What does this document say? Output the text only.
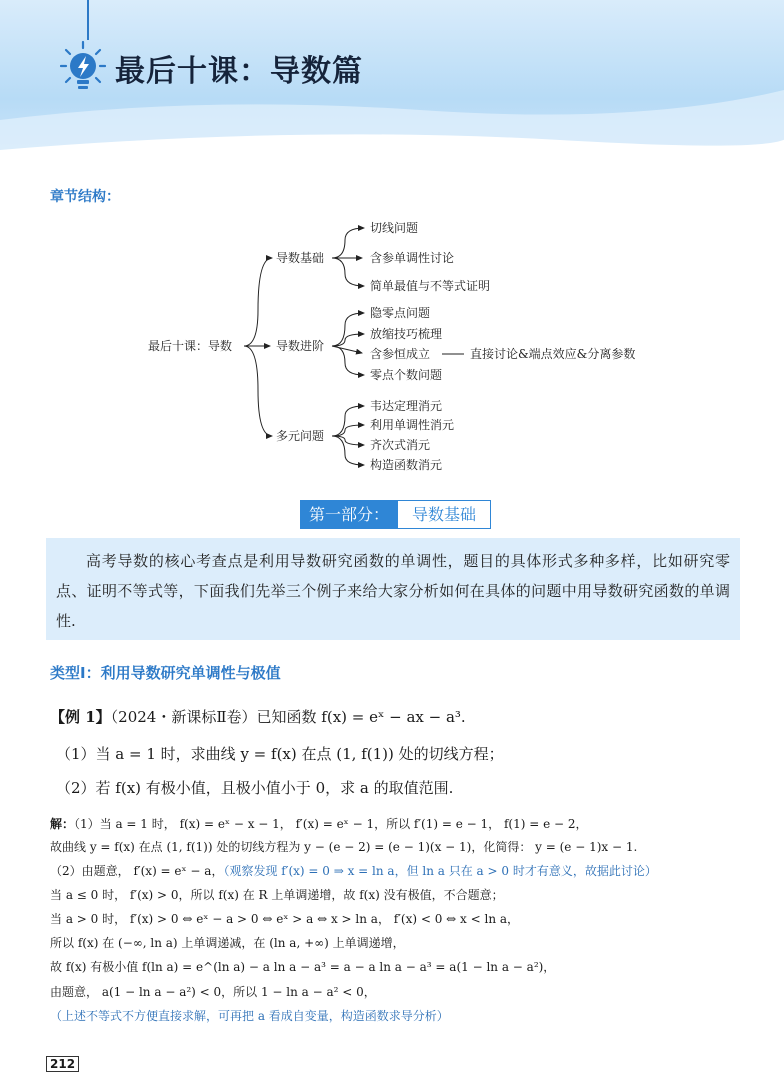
最后十课：导数篇
章节结构：
最后十课：导数
导数基础
导数进阶
多元问题
切线问题
含参单调性讨论
简单最值与不等式证明
隐零点问题
放缩技巧梳理
含参恒成立	直接讨论&端点效应&分离参数
零点个数问题
韦达定理消元
利用单调性消元
齐次式消元
构造函数消元
第一部分：	导数基础

高考导数的核心考查点是利用导数研究函数的单调性，题目的具体形式多种多样，比如研究零点、证明不等式等，下面我们先举三个例子来给大家分析如何在具体的问题中用导数研究函数的单调性.

类型Ⅰ：利用导数研究单调性与极值
【例 1】（2024・新课标Ⅱ卷）已知函数 f(x) = eˣ − ax − a³.
（1）当 a = 1 时，求曲线 y = f(x) 在点 (1, f(1)) 处的切线方程；
（2）若 f(x) 有极小值，且极小值小于 0，求 a 的取值范围.
解：（1）当 a = 1 时， f(x) = eˣ − x − 1， f′(x) = eˣ − 1，所以 f′(1) = e − 1， f(1) = e − 2，
故曲线 y = f(x) 在点 (1, f(1)) 处的切线方程为 y − (e − 2) = (e − 1)(x − 1)，化简得： y = (e − 1)x − 1.
（2）由题意， f′(x) = eˣ − a，（观察发现 f′(x) = 0 ⇒ x = ln a，但 ln a 只在 a > 0 时才有意义，故据此讨论）
当 a ≤ 0 时， f′(x) > 0，所以 f(x) 在 R 上单调递增，故 f(x) 没有极值，不合题意；
当 a > 0 时， f′(x) > 0 ⇔ eˣ − a > 0 ⇔ eˣ > a ⇔ x > ln a， f′(x) < 0 ⇔ x < ln a，
所以 f(x) 在 (−∞, ln a) 上单调递减，在 (ln a, +∞) 上单调递增，
故 f(x) 有极小值 f(ln a) = e^(ln a) − a ln a − a³ = a − a ln a − a³ = a(1 − ln a − a²)，
由题意， a(1 − ln a − a²) < 0，所以 1 − ln a − a² < 0，
（上述不等式不方便直接求解，可再把 a 看成自变量，构造函数求导分析）
212
